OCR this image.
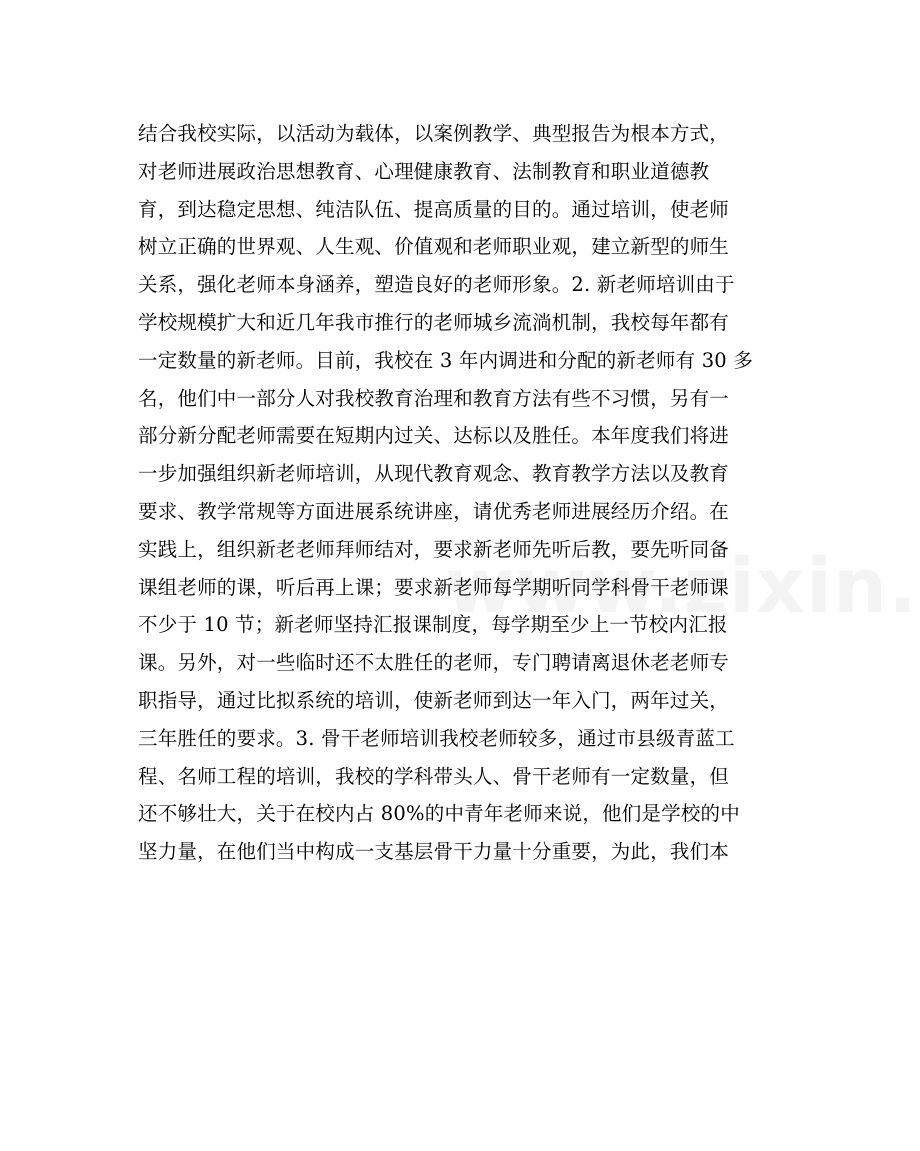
结合我校实际，以活动为载体，以案例教学、典型报告为根本方式，
对老师进展政治思想教育、心理健康教育、法制教育和职业道德教
育，到达稳定思想、纯洁队伍、提高质量的目的。通过培训，使老师
树立正确的世界观、人生观、价值观和老师职业观，建立新型的师生
关系，强化老师本身涵养，塑造良好的老师形象。2. 新老师培训由于
学校规模扩大和近几年我市推行的老师城乡流淌机制，我校每年都有
一定数量的新老师。目前，我校在 3 年内调进和分配的新老师有 30 多
名，他们中一部分人对我校教育治理和教育方法有些不习惯，另有一
部分新分配老师需要在短期内过关、达标以及胜任。本年度我们将进
一步加强组织新老师培训，从现代教育观念、教育教学方法以及教育
要求、教学常规等方面进展系统讲座，请优秀老师进展经历介绍。在
实践上，组织新老老师拜师结对，要求新老师先听后教，要先听同备
课组老师的课，听后再上课；要求新老师每学期听同学科骨干老师课
不少于 10 节；新老师坚持汇报课制度，每学期至少上一节校内汇报
课。另外，对一些临时还不太胜任的老师，专门聘请离退休老老师专
职指导，通过比拟系统的培训，使新老师到达一年入门，两年过关，
三年胜任的要求。3. 骨干老师培训我校老师较多，通过市县级青蓝工
程、名师工程的培训，我校的学科带头人、骨干老师有一定数量，但
还不够壮大，关于在校内占 80%的中青年老师来说，他们是学校的中
坚力量，在他们当中构成一支基层骨干力量十分重要，为此，我们本
